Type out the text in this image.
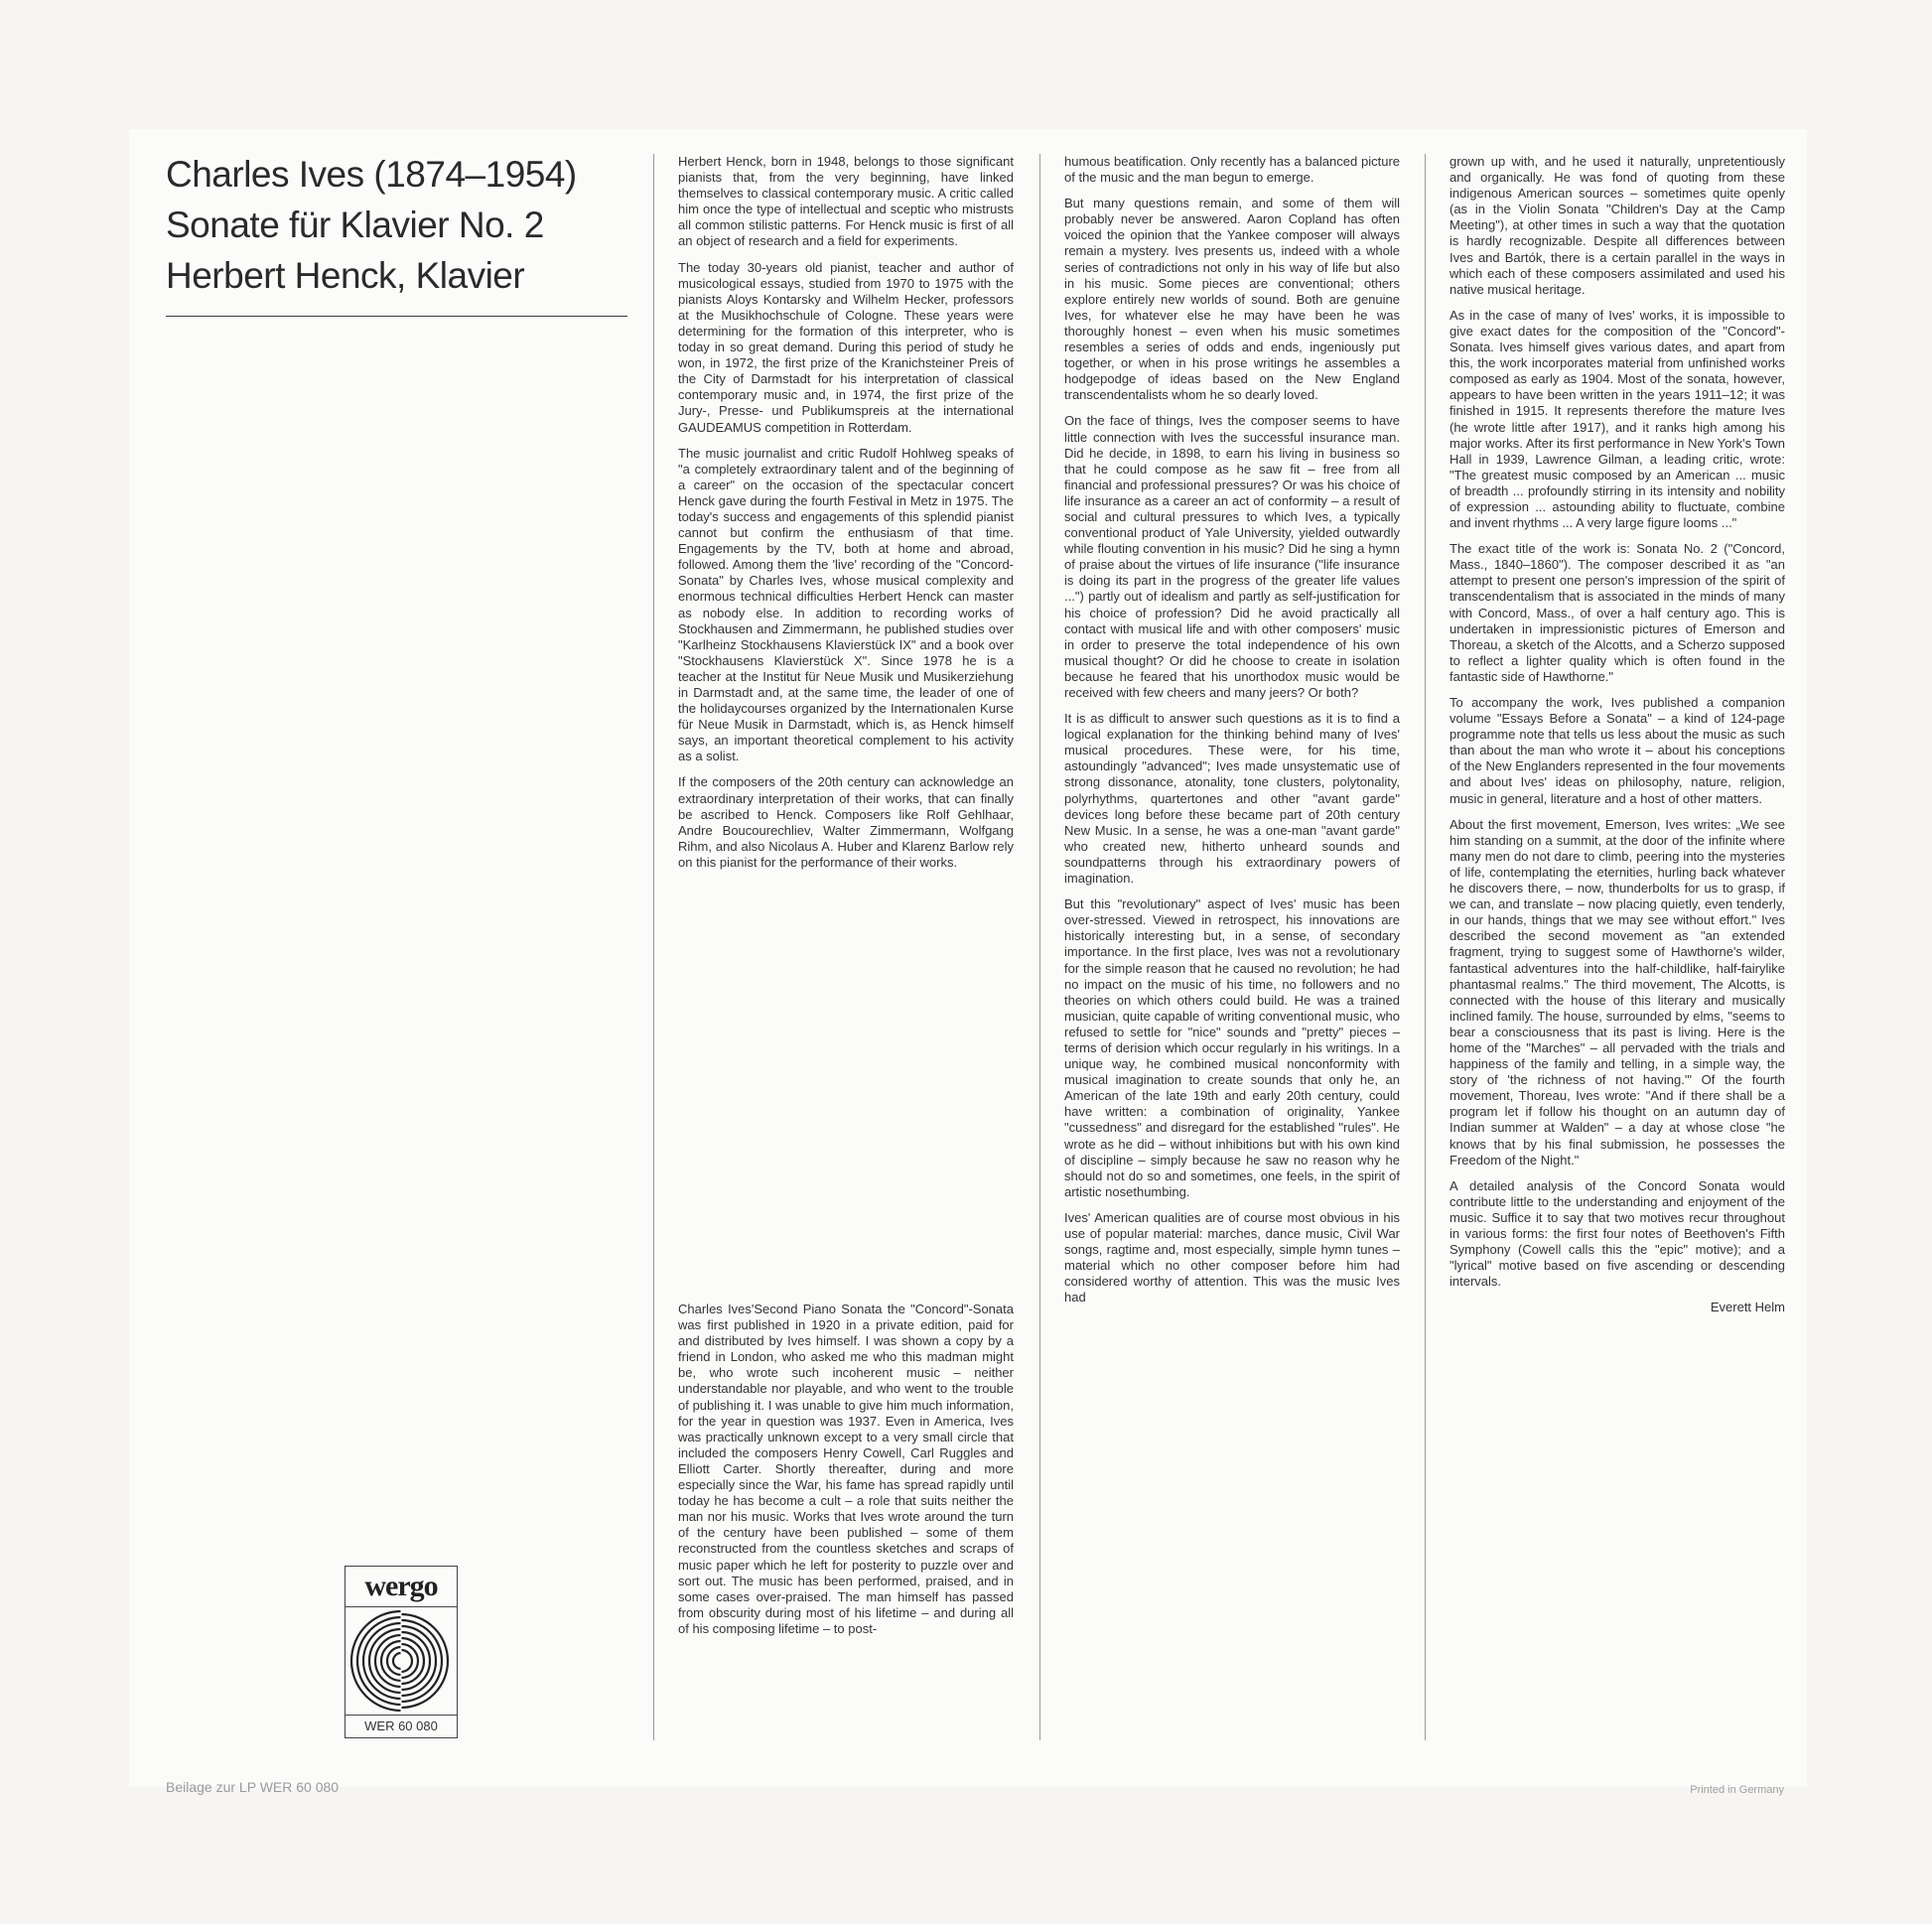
Charles Ives (1874–1954)

Sonate für Klavier No. 2

Herbert Henck, Klavier

Herbert Henck, born in 1948, belongs to those significant pianists that, from the very beginning, have linked themselves to classical contemporary music. A critic called him once the type of intellectual and sceptic who mistrusts all common stilistic patterns. For Henck music is first of all an object of research and a field for experiments.

The today 30-years old pianist, teacher and author of musicological essays, studied from 1970 to 1975 with the pianists Aloys Kontarsky and Wilhelm Hecker, professors at the Musikhochschule of Cologne. These years were determining for the formation of this interpreter, who is today in so great demand. During this period of study he won, in 1972, the first prize of the Kranichsteiner Preis of the City of Darmstadt for his interpretation of classical contemporary music and, in 1974, the first prize of the Jury-, Presse- und Publikumspreis at the international GAUDEAMUS competition in Rotterdam.

The music journalist and critic Rudolf Hohlweg speaks of "a completely extraordinary talent and of the beginning of a career" on the occasion of the spectacular concert Henck gave during the fourth Festival in Metz in 1975. The today's success and engagements of this splendid pianist cannot but confirm the enthusiasm of that time. Engagements by the TV, both at home and abroad, followed. Among them the 'live' recording of the "Concord-Sonata" by Charles Ives, whose musical complexity and enormous technical difficulties Herbert Henck can master as nobody else. In addition to recording works of Stockhausen and Zimmermann, he published studies over "Karlheinz Stockhausens Klavierstück IX" and a book over "Stockhausens Klavierstück X". Since 1978 he is a teacher at the Institut für Neue Musik und Musikerziehung in Darmstadt and, at the same time, the leader of one of the holidaycourses organized by the Internationalen Kurse für Neue Musik in Darmstadt, which is, as Henck himself says, an important theoretical complement to his activity as a solist.

If the composers of the 20th century can acknowledge an extraordinary interpretation of their works, that can finally be ascribed to Henck. Composers like Rolf Gehlhaar, Andre Boucourechliev, Walter Zimmermann, Wolfgang Rihm, and also Nicolaus A. Huber and Klarenz Barlow rely on this pianist for the performance of their works.

Charles Ives'Second Piano Sonata the "Concord"-Sonata was first published in 1920 in a private edition, paid for and distributed by Ives himself. I was shown a copy by a friend in London, who asked me who this madman might be, who wrote such incoherent music – neither understandable nor playable, and who went to the trouble of publishing it. I was unable to give him much information, for the year in question was 1937. Even in America, Ives was practically unknown except to a very small circle that included the composers Henry Cowell, Carl Ruggles and Elliott Carter. Shortly thereafter, during and more especially since the War, his fame has spread rapidly until today he has become a cult – a role that suits neither the man nor his music. Works that Ives wrote around the turn of the century have been published – some of them reconstructed from the countless sketches and scraps of music paper which he left for posterity to puzzle over and sort out. The music has been performed, praised, and in some cases over-praised. The man himself has passed from obscurity during most of his lifetime – and during all of his composing lifetime – to post-

humous beatification. Only recently has a balanced picture of the music and the man begun to emerge.

But many questions remain, and some of them will probably never be answered. Aaron Copland has often voiced the opinion that the Yankee composer will always remain a mystery. Ives presents us, indeed with a whole series of contradictions not only in his way of life but also in his music. Some pieces are conventional; others explore entirely new worlds of sound. Both are genuine Ives, for whatever else he may have been he was thoroughly honest – even when his music sometimes resembles a series of odds and ends, ingeniously put together, or when in his prose writings he assembles a hodgepodge of ideas based on the New England transcendentalists whom he so dearly loved.

On the face of things, Ives the composer seems to have little connection with Ives the successful insurance man. Did he decide, in 1898, to earn his living in business so that he could compose as he saw fit – free from all financial and professional pressures? Or was his choice of life insurance as a career an act of conformity – a result of social and cultural pressures to which Ives, a typically conventional product of Yale University, yielded outwardly while flouting convention in his music? Did he sing a hymn of praise about the virtues of life insurance ("life insurance is doing its part in the progress of the greater life values ...") partly out of idealism and partly as self-justification for his choice of profession? Did he avoid practically all contact with musical life and with other composers' music in order to preserve the total independence of his own musical thought? Or did he choose to create in isolation because he feared that his unorthodox music would be received with few cheers and many jeers? Or both?

It is as difficult to answer such questions as it is to find a logical explanation for the thinking behind many of Ives' musical procedures. These were, for his time, astoundingly "advanced"; Ives made unsystematic use of strong dissonance, atonality, tone clusters, polytonality, polyrhythms, quartertones and other "avant garde" devices long before these became part of 20th century New Music. In a sense, he was a one-man "avant garde" who created new, hitherto unheard sounds and soundpatterns through his extraordinary powers of imagination.

But this "revolutionary" aspect of Ives' music has been over-stressed. Viewed in retrospect, his innovations are historically interesting but, in a sense, of secondary importance. In the first place, Ives was not a revolutionary for the simple reason that he caused no revolution; he had no impact on the music of his time, no followers and no theories on which others could build. He was a trained musician, quite capable of writing conventional music, who refused to settle for "nice" sounds and "pretty" pieces – terms of derision which occur regularly in his writings. In a unique way, he combined musical nonconformity with musical imagination to create sounds that only he, an American of the late 19th and early 20th century, could have written: a combination of originality, Yankee "cussedness" and disregard for the established "rules". He wrote as he did – without inhibitions but with his own kind of discipline – simply because he saw no reason why he should not do so and sometimes, one feels, in the spirit of artistic nosethumbing.

Ives' American qualities are of course most obvious in his use of popular material: marches, dance music, Civil War songs, ragtime and, most especially, simple hymn tunes – material which no other composer before him had considered worthy of attention. This was the music Ives had

grown up with, and he used it naturally, unpretentiously and organically. He was fond of quoting from these indigenous American sources – sometimes quite openly (as in the Violin Sonata "Children's Day at the Camp Meeting"), at other times in such a way that the quotation is hardly recognizable. Despite all differences between Ives and Bartók, there is a certain parallel in the ways in which each of these composers assimilated and used his native musical heritage.

As in the case of many of Ives' works, it is impossible to give exact dates for the composition of the "Concord"-Sonata. Ives himself gives various dates, and apart from this, the work incorporates material from unfinished works composed as early as 1904. Most of the sonata, however, appears to have been written in the years 1911–12; it was finished in 1915. It represents therefore the mature Ives (he wrote little after 1917), and it ranks high among his major works. After its first performance in New York's Town Hall in 1939, Lawrence Gilman, a leading critic, wrote: "The greatest music composed by an American ... music of breadth ... profoundly stirring in its intensity and nobility of expression ... astounding ability to fluctuate, combine and invent rhythms ... A very large figure looms ..."

The exact title of the work is: Sonata No. 2 ("Concord, Mass., 1840–1860"). The composer described it as "an attempt to present one person's impression of the spirit of transcendentalism that is associated in the minds of many with Concord, Mass., of over a half century ago. This is undertaken in impressionistic pictures of Emerson and Thoreau, a sketch of the Alcotts, and a Scherzo supposed to reflect a lighter quality which is often found in the fantastic side of Hawthorne."

To accompany the work, Ives published a companion volume "Essays Before a Sonata" – a kind of 124-page programme note that tells us less about the music as such than about the man who wrote it – about his conceptions of the New Englanders represented in the four movements and about Ives' ideas on philosophy, nature, religion, music in general, literature and a host of other matters.

About the first movement, Emerson, Ives writes: „We see him standing on a summit, at the door of the infinite where many men do not dare to climb, peering into the mysteries of life, contemplating the eternities, hurling back whatever he discovers there, – now, thunderbolts for us to grasp, if we can, and translate – now placing quietly, even tenderly, in our hands, things that we may see without effort." Ives described the second movement as "an extended fragment, trying to suggest some of Hawthorne's wilder, fantastical adventures into the half-childlike, half-fairylike phantasmal realms." The third movement, The Alcotts, is connected with the house of this literary and musically inclined family. The house, surrounded by elms, "seems to bear a consciousness that its past is living. Here is the home of the "Marches" – all pervaded with the trials and happiness of the family and telling, in a simple way, the story of 'the richness of not having.'" Of the fourth movement, Thoreau, Ives wrote: "And if there shall be a program let if follow his thought on an autumn day of Indian summer at Walden" – a day at whose close "he knows that by his final submission, he possesses the Freedom of the Night."

A detailed analysis of the Concord Sonata would contribute little to the understanding and enjoyment of the music. Suffice it to say that two motives recur throughout in various forms: the first four notes of Beethoven's Fifth Symphony (Cowell calls this the "epic" motive); and a "lyrical" motive based on five ascending or descending intervals.

Everett Helm

wergo
WER 60 080
Beilage zur LP WER 60 080	Printed in Germany
